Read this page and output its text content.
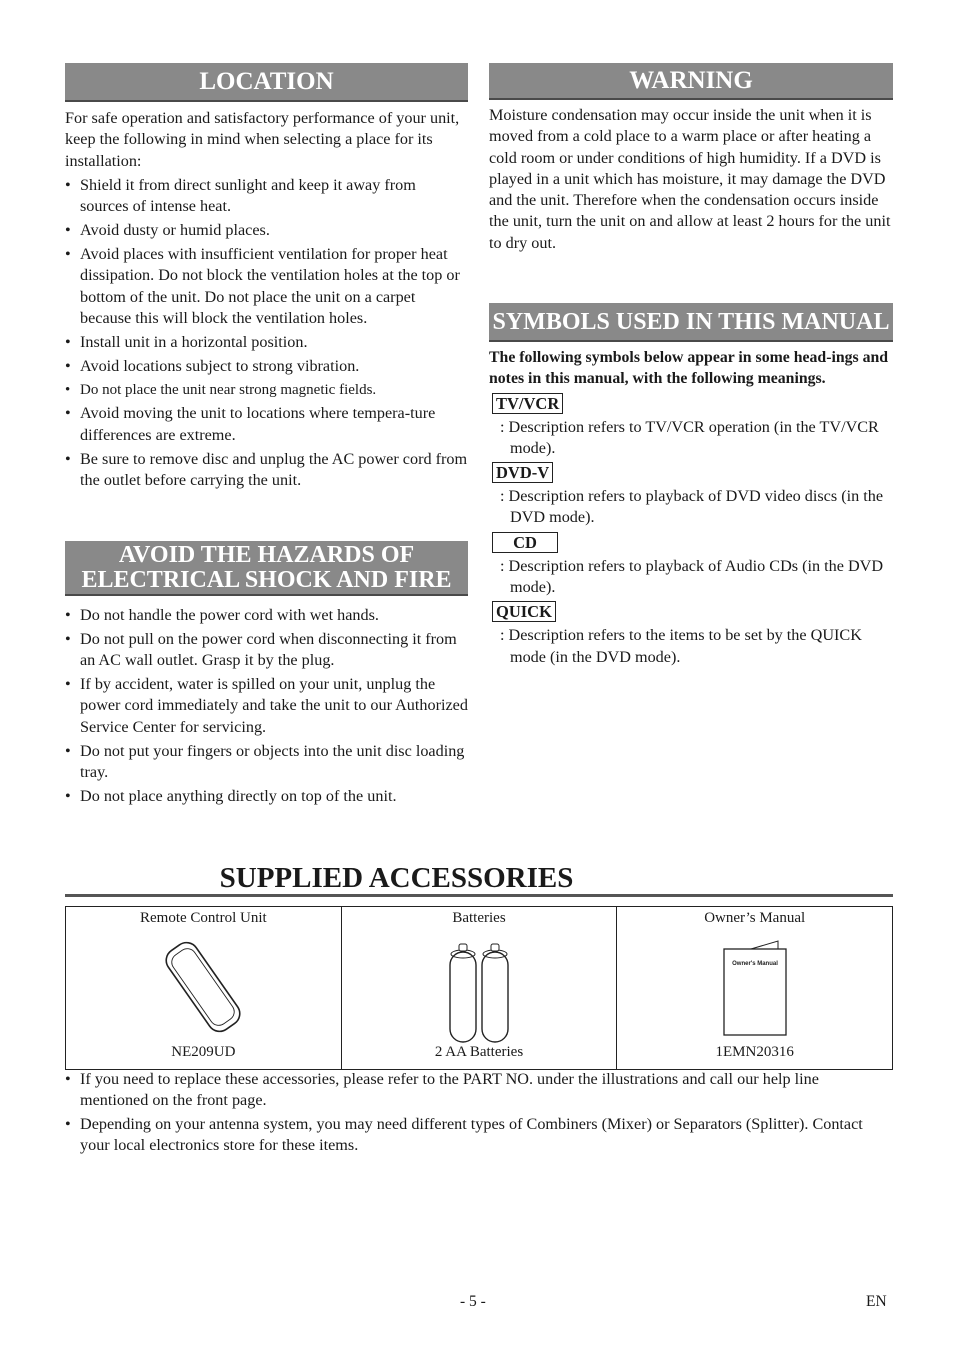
LOCATION

For safe operation and satisfactory performance of your unit, keep the following in mind when selecting a place for its installation:

• Shield it from direct sunlight and keep it away from sources of intense heat.
• Avoid dusty or humid places.
• Avoid places with insufficient ventilation for proper heat dissipation. Do not block the ventilation holes at the top or bottom of the unit. Do not place the unit on a carpet because this will block the ventilation holes.
• Install unit in a horizontal position.
• Avoid locations subject to strong vibration.
• Do not place the unit near strong magnetic fields.
• Avoid moving the unit to locations where tempera-ture differences are extreme.
• Be sure to remove disc and unplug the AC power cord from the outlet before carrying the unit.
AVOID THE HAZARDS OF
ELECTRICAL SHOCK AND FIRE
• Do not handle the power cord with wet hands.
• Do not pull on the power cord when disconnecting it from an AC wall outlet. Grasp it by the plug.
• If by accident, water is spilled on your unit, unplug the power cord immediately and take the unit to our Authorized Service Center for servicing.
• Do not put your fingers or objects into the unit disc loading tray.
• Do not place anything directly on top of the unit.
WARNING

Moisture condensation may occur inside the unit when it is moved from a cold place to a warm place or after heating a cold room or under conditions of high humidity. If a DVD is played in a unit which has moisture, it may damage the DVD and the unit. Therefore when the condensation occurs inside the unit, turn the unit on and allow at least 2 hours for the unit to dry out.

SYMBOLS USED IN THIS MANUAL

The following symbols below appear in some head-ings and notes in this manual, with the following meanings.

TV/VCR
: Description refers to TV/VCR operation (in the TV/VCR mode).
DVD-V
: Description refers to playback of DVD video discs (in the DVD mode).
CD
: Description refers to playback of Audio CDs (in the DVD mode).
QUICK
: Description refers to the items to be set by the QUICK mode (in the DVD mode).
SUPPLIED ACCESSORIES
Remote Control Unit
NE209UD
Batteries
2 AA Batteries
Owner’s Manual
Owner's Manual
1EMN20316
• If you need to replace these accessories, please refer to the PART NO. under the illustrations and call our help line mentioned on the front page.
• Depending on your antenna system, you may need different types of Combiners (Mixer) or Separators (Splitter). Contact your local electronics store for these items.
- 5 -	EN
